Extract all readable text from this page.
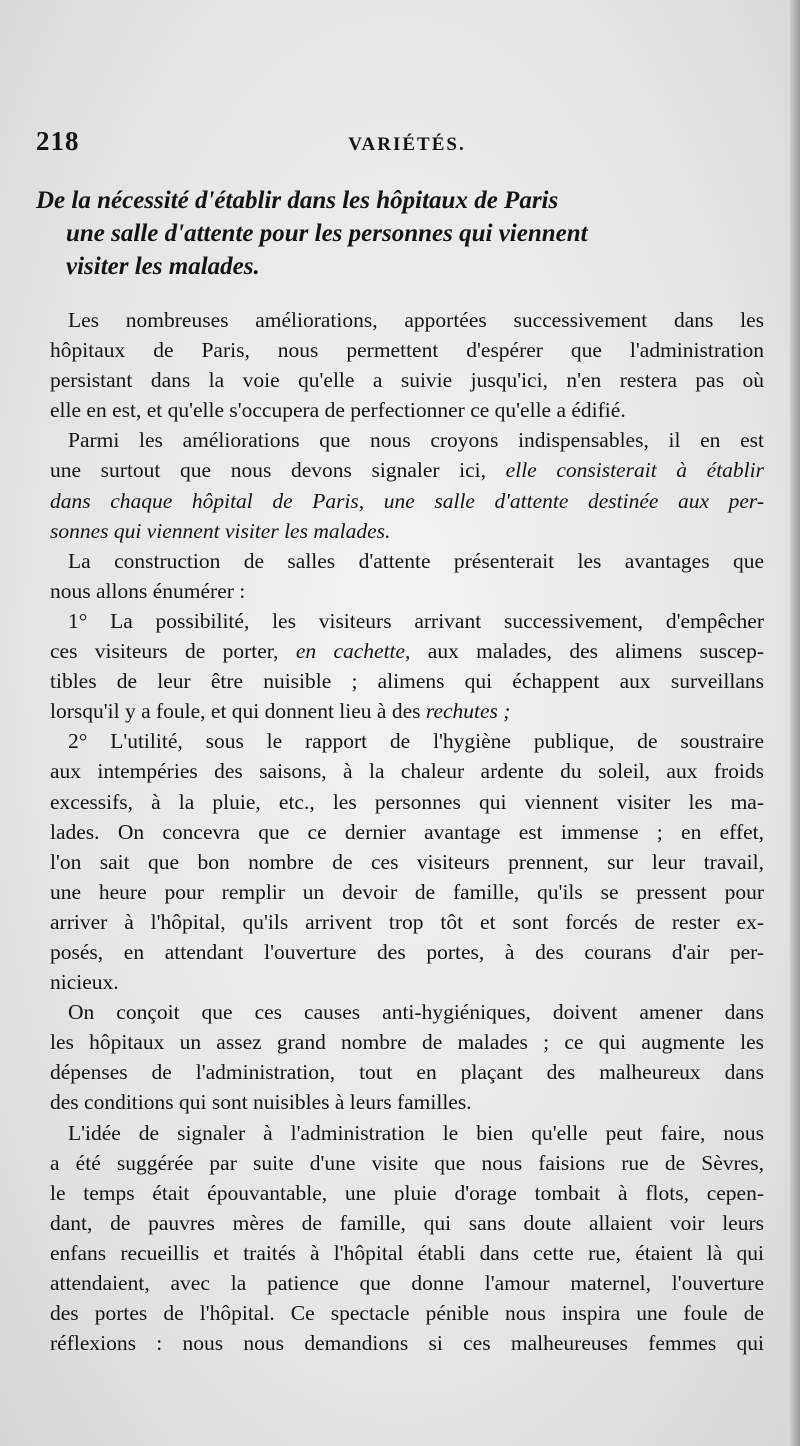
218	VARIÉTÉS.
De la nécessité d'établir dans les hôpitaux de Paris
une salle d'attente pour les personnes qui viennent
visiter les malades.

Les nombreuses améliorations, apportées successivement dans les
hôpitaux de Paris, nous permettent d'espérer que l'administration
persistant dans la voie qu'elle a suivie jusqu'ici, n'en restera pas où
elle en est, et qu'elle s'occupera de perfectionner ce qu'elle a édifié.

Parmi les améliorations que nous croyons indispensables, il en est
une surtout que nous devons signaler ici, elle consisterait à établir
dans chaque hôpital de Paris, une salle d'attente destinée aux per-
sonnes qui viennent visiter les malades.

La construction de salles d'attente présenterait les avantages que
nous allons énumérer :

1° La possibilité, les visiteurs arrivant successivement, d'empêcher
ces visiteurs de porter, en cachette, aux malades, des alimens suscep-
tibles de leur être nuisible ; alimens qui échappent aux surveillans
lorsqu'il y a foule, et qui donnent lieu à des rechutes ;

2° L'utilité, sous le rapport de l'hygiène publique, de soustraire
aux intempéries des saisons, à la chaleur ardente du soleil, aux froids
excessifs, à la pluie, etc., les personnes qui viennent visiter les ma-
lades. On concevra que ce dernier avantage est immense ; en effet,
l'on sait que bon nombre de ces visiteurs prennent, sur leur travail,
une heure pour remplir un devoir de famille, qu'ils se pressent pour
arriver à l'hôpital, qu'ils arrivent trop tôt et sont forcés de rester ex-
posés, en attendant l'ouverture des portes, à des courans d'air per-
nicieux.

On conçoit que ces causes anti-hygiéniques, doivent amener dans
les hôpitaux un assez grand nombre de malades ; ce qui augmente les
dépenses de l'administration, tout en plaçant des malheureux dans
des conditions qui sont nuisibles à leurs familles.

L'idée de signaler à l'administration le bien qu'elle peut faire, nous
a été suggérée par suite d'une visite que nous faisions rue de Sèvres,
le temps était épouvantable, une pluie d'orage tombait à flots, cepen-
dant, de pauvres mères de famille, qui sans doute allaient voir leurs
enfans recueillis et traités à l'hôpital établi dans cette rue, étaient là qui
attendaient, avec la patience que donne l'amour maternel, l'ouverture
des portes de l'hôpital. Ce spectacle pénible nous inspira une foule de
réflexions : nous nous demandions si ces malheureuses femmes qui
